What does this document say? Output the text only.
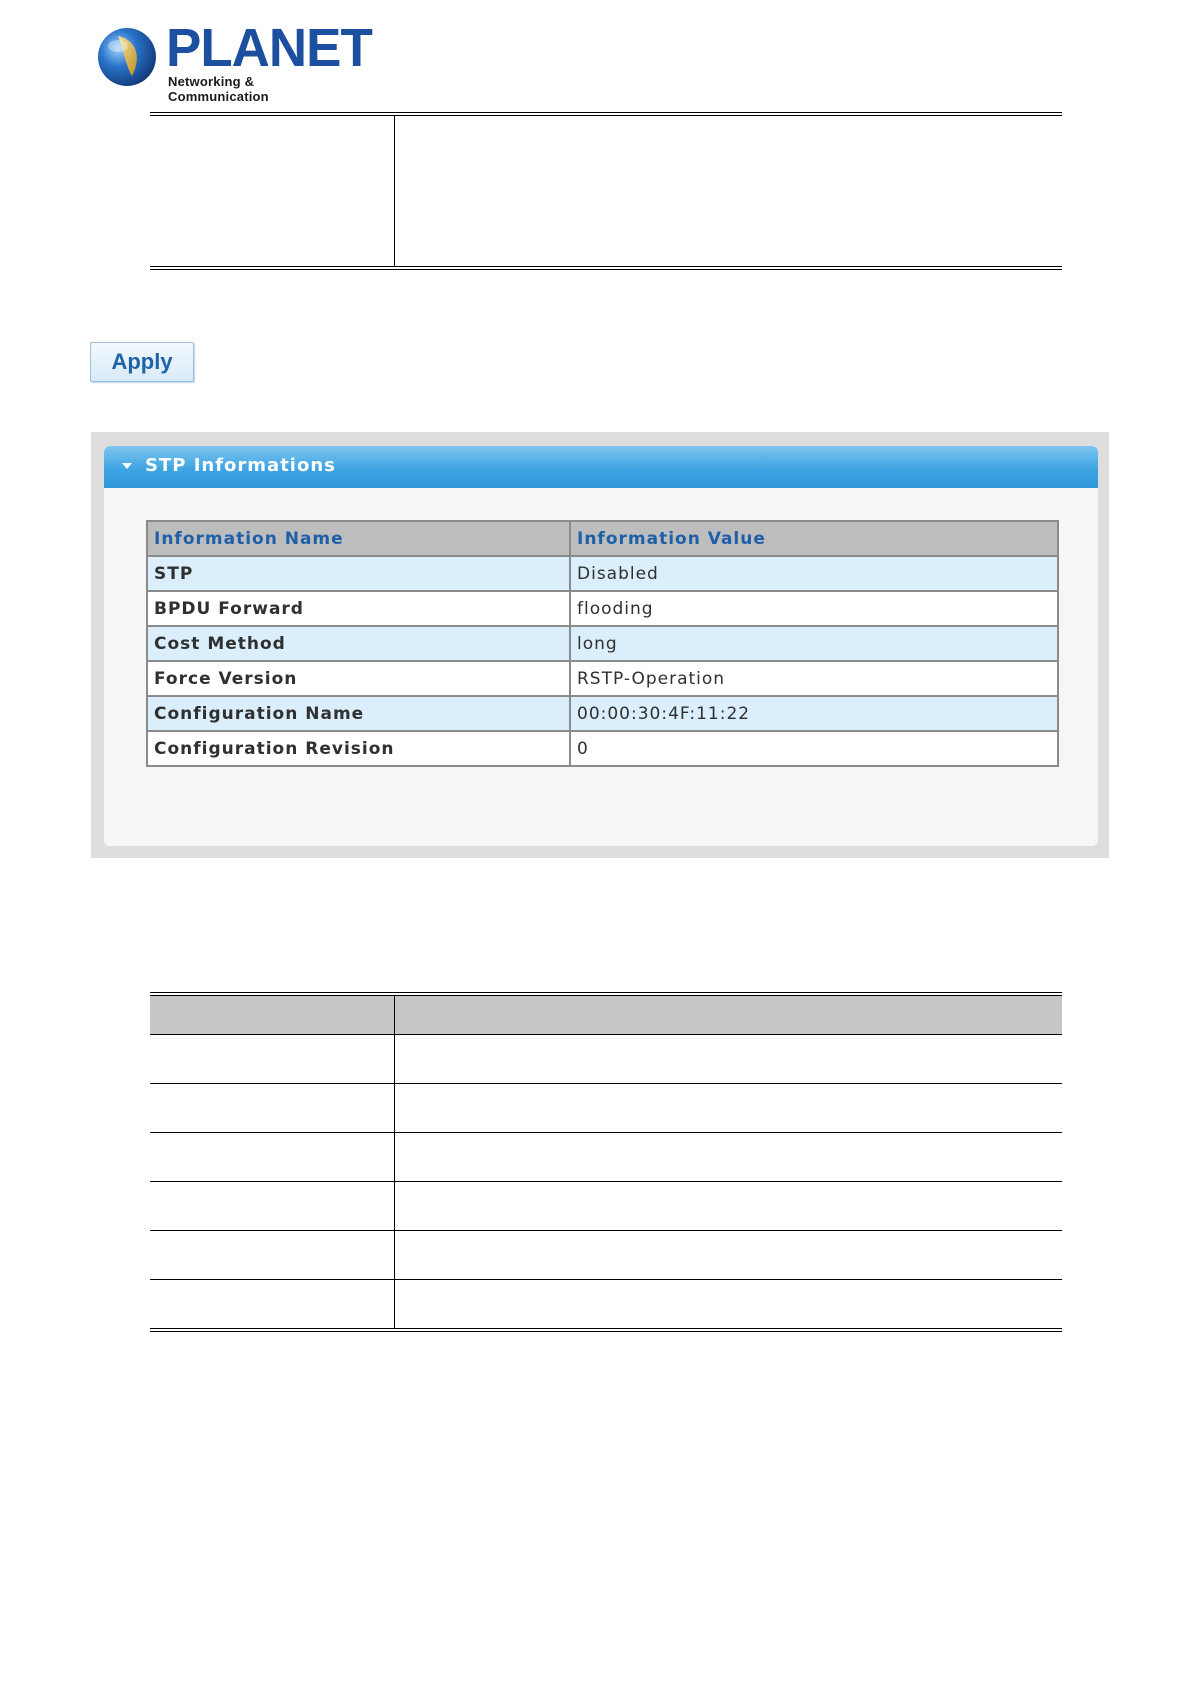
PLANET
Networking & Communication
Apply
STP Informations
Information Name	Information Value
STP	Disabled
BPDU Forward	flooding
Cost Method	long
Force Version	RSTP-Operation
Configuration Name	00:00:30:4F:11:22
Configuration Revision	0
